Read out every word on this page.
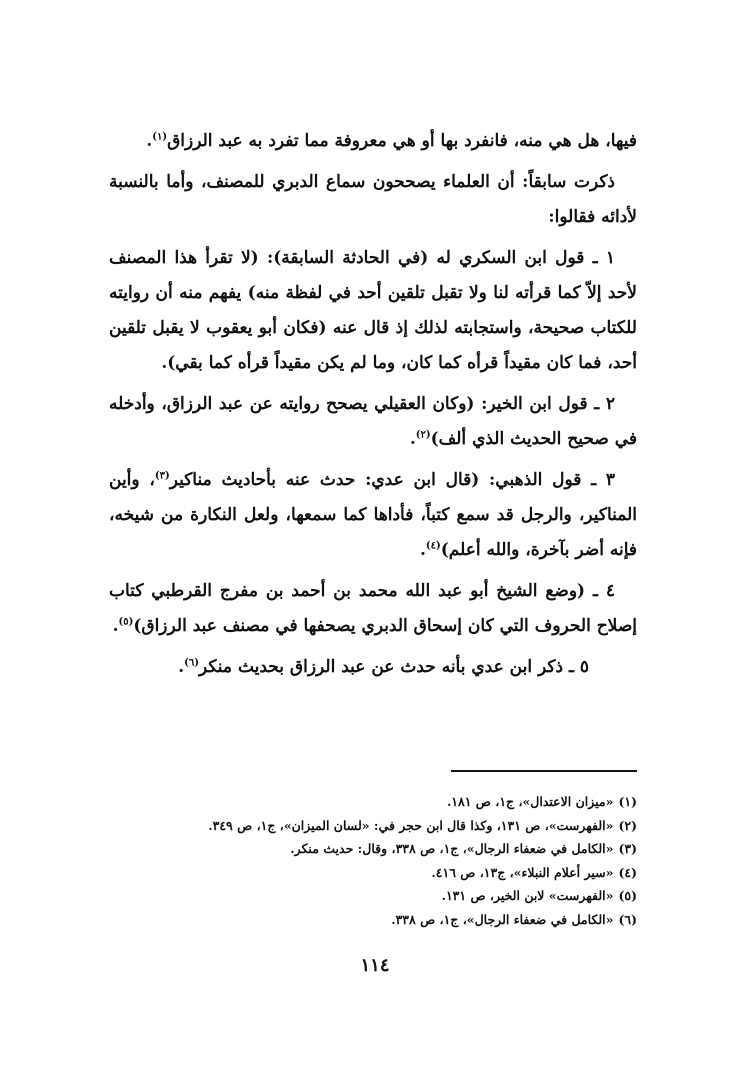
فيها، هل هي منه، فانفرد بها أو هي معروفة مما تفرد به عبد الرزاق$^{(١)}$.

ذكرت سابقاً: أن العلماء يصححون سماع الدبري للمصنف، وأما بالنسبة لأدائه فقالوا:

١ ـ قول ابن السكري له (في الحادثة السابقة): (لا تقرأ هذا المصنف لأحد إلاّ كما قرأته لنا ولا تقبل تلقين أحد في لفظة منه) يفهم منه أن روايته للكتاب صحيحة، واستجابته لذلك إذ قال عنه (فكان أبو يعقوب لا يقبل تلقين أحد، فما كان مقيداً قرأه كما كان، وما لم يكن مقيداً قرأه كما بقي).

٢ ـ قول ابن الخير: (وكان العقيلي يصحح روايته عن عبد الرزاق، وأدخله في صحيح الحديث الذي ألف)$^{(٢)}$.

٣ ـ قول الذهبي: (قال ابن عدي: حدث عنه بأحاديث مناكير$^{(٣)}$، وأين المناكير، والرجل قد سمع كتباً، فأداها كما سمعها، ولعل النكارة من شيخه، فإنه أضر بآخرة، والله أعلم)$^{(٤)}$.

٤ ـ (وضع الشيخ أبو عبد الله محمد بن أحمد بن مفرج القرطبي كتاب إصلاح الحروف التي كان إسحاق الدبري يصحفها في مصنف عبد الرزاق)$^{(٥)}$.

٥ ـ ذكر ابن عدي بأنه حدث عن عبد الرزاق بحديث منكر$^{(٦)}$.

(١)«ميزان الاعتدال»، ج١، ص ١٨١.
(٢)«الفهرست»، ص ١٣١، وكذا قال ابن حجر في: «لسان الميزان»، ج١، ص ٣٤٩.
(٣)«الكامل في ضعفاء الرجال»، ج١، ص ٣٣٨، وقال: حديث منكر.
(٤)«سير أعلام النبلاء»، ج١٣، ص ٤١٦.
(٥)«الفهرست» لابن الخير، ص ١٣١.
(٦)«الكامل في ضعفاء الرجال»، ج١، ص ٣٣٨.
١١٤
